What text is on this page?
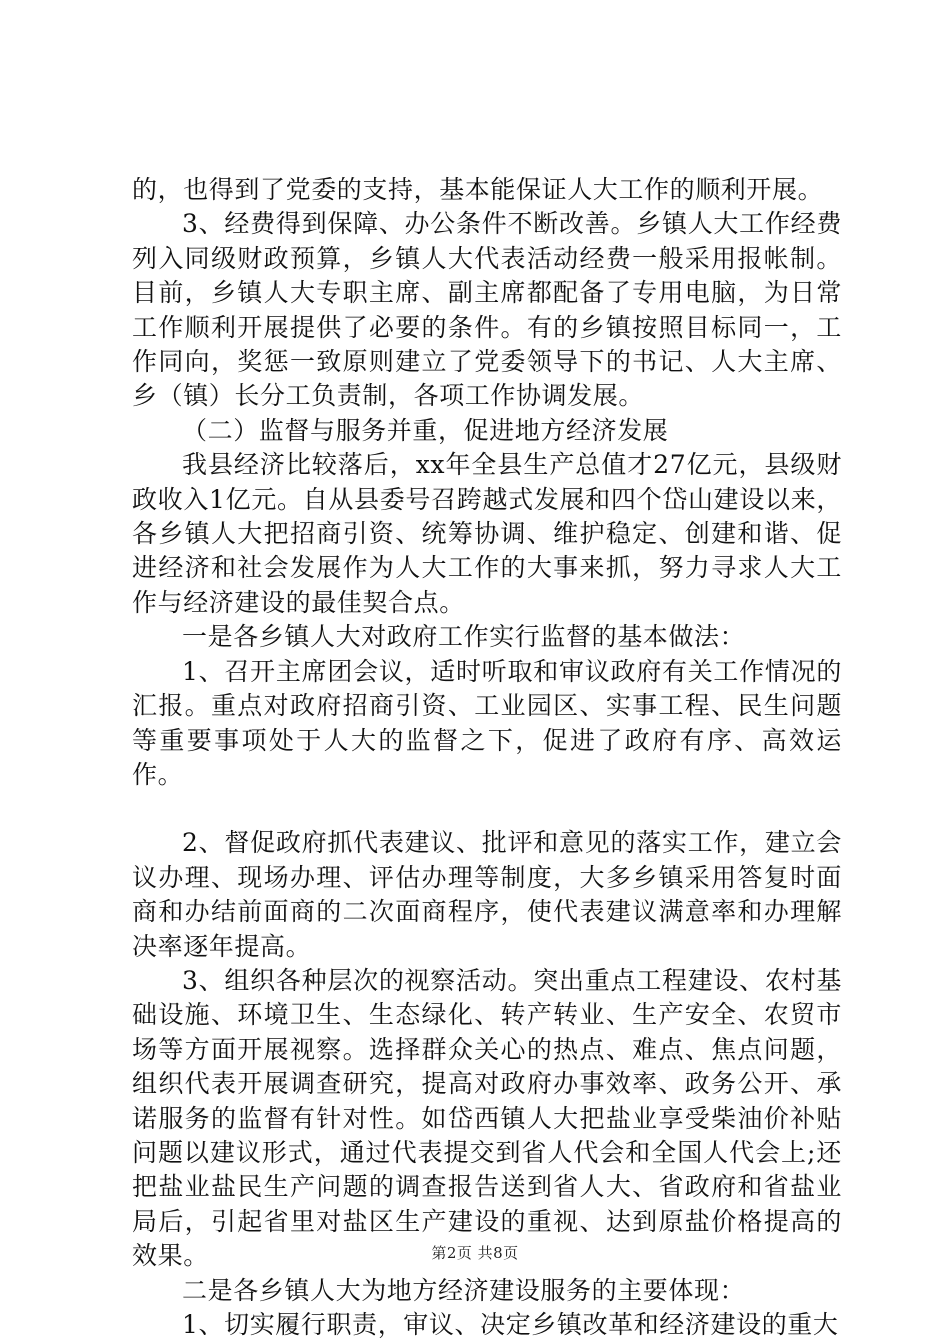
的，也得到了党委的支持，基本能保证人大工作的顺利开展。

3、经费得到保障、办公条件不断改善。乡镇人大工作经费列入同级财政预算，乡镇人大代表活动经费一般采用报帐制。目前，乡镇人大专职主席、副主席都配备了专用电脑，为日常工作顺利开展提供了必要的条件。有的乡镇按照目标同一，工作同向，奖惩一致原则建立了党委领导下的书记、人大主席、乡（镇）长分工负责制，各项工作协调发展。

（二）监督与服务并重，促进地方经济发展

我县经济比较落后，xx年全县生产总值才27亿元，县级财政收入1亿元。自从县委号召跨越式发展和四个岱山建设以来，各乡镇人大把招商引资、统筹协调、维护稳定、创建和谐、促进经济和社会发展作为人大工作的大事来抓，努力寻求人大工作与经济建设的最佳契合点。

一是各乡镇人大对政府工作实行监督的基本做法：

1、召开主席团会议，适时听取和审议政府有关工作情况的汇报。重点对政府招商引资、工业园区、实事工程、民生问题等重要事项处于人大的监督之下，促进了政府有序、高效运作。

2、督促政府抓代表建议、批评和意见的落实工作，建立会议办理、现场办理、评估办理等制度，大多乡镇采用答复时面商和办结前面商的二次面商程序，使代表建议满意率和办理解决率逐年提高。

3、组织各种层次的视察活动。突出重点工程建设、农村基础设施、环境卫生、生态绿化、转产转业、生产安全、农贸市场等方面开展视察。选择群众关心的热点、难点、焦点问题，组织代表开展调查研究，提高对政府办事效率、政务公开、承诺服务的监督有针对性。如岱西镇人大把盐业享受柴油价补贴问题以建议形式，通过代表提交到省人代会和全国人代会上;还把盐业盐民生产问题的调查报告送到省人大、省政府和省盐业局后，引起省里对盐区生产建设的重视、达到原盐价格提高的效果。

二是各乡镇人大为地方经济建设服务的主要体现：

1、切实履行职责，审议、决定乡镇改革和经济建设的重大

第2页 共8页
